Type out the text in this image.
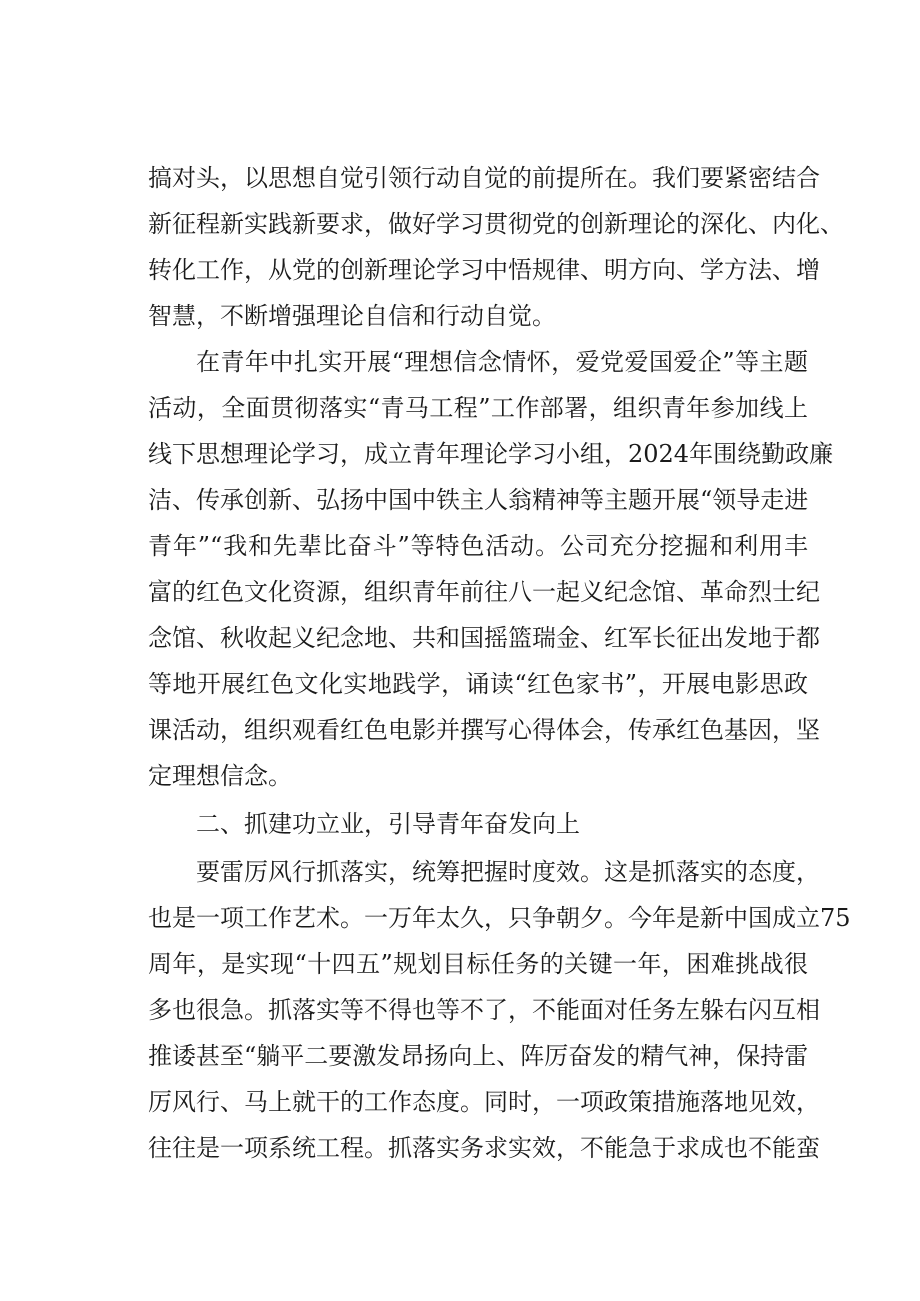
搞对头，以思想自觉引领行动自觉的前提所在。我们要紧密结合
新征程新实践新要求，做好学习贯彻党的创新理论的深化、内化、
转化工作，从党的创新理论学习中悟规律、明方向、学方法、增
智慧，不断增强理论自信和行动自觉。
在青年中扎实开展“理想信念情怀，爱党爱国爱企”等主题
活动，全面贯彻落实“青马工程”工作部署，组织青年参加线上
线下思想理论学习，成立青年理论学习小组，2024年围绕勤政廉
洁、传承创新、弘扬中国中铁主人翁精神等主题开展“领导走进
青年”“我和先辈比奋斗”等特色活动。公司充分挖掘和利用丰
富的红色文化资源，组织青年前往八一起义纪念馆、革命烈士纪
念馆、秋收起义纪念地、共和国摇篮瑞金、红军长征出发地于都
等地开展红色文化实地践学，诵读“红色家书”，开展电影思政
课活动，组织观看红色电影并撰写心得体会，传承红色基因，坚
定理想信念。
二、抓建功立业，引导青年奋发向上
要雷厉风行抓落实，统筹把握时度效。这是抓落实的态度，
也是一项工作艺术。一万年太久，只争朝夕。今年是新中国成立75
周年，是实现“十四五”规划目标任务的关键一年，困难挑战很
多也很急。抓落实等不得也等不了，不能面对任务左躲右闪互相
推诿甚至“躺平二要激发昂扬向上、阵厉奋发的精气神，保持雷
厉风行、马上就干的工作态度。同时，一项政策措施落地见效，
往往是一项系统工程。抓落实务求实效，不能急于求成也不能蛮
